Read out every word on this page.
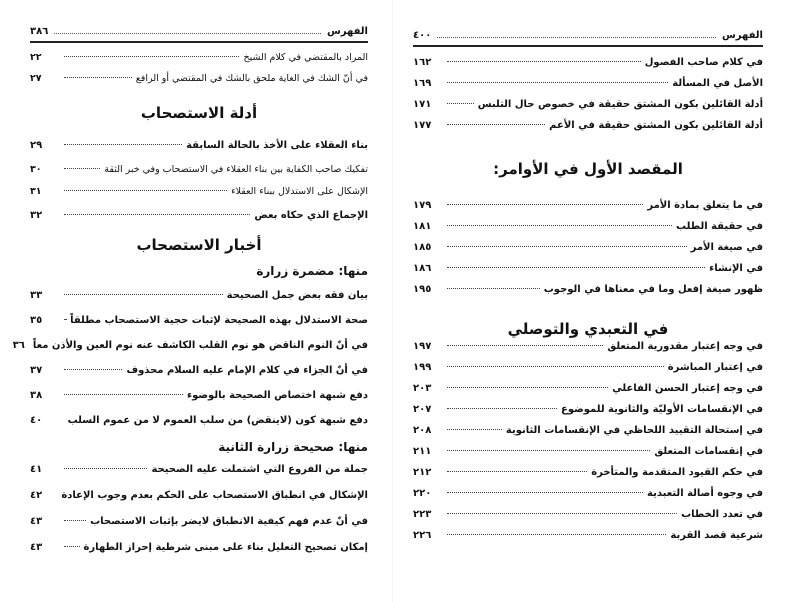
الفهرس
٣٨٦
المراد بالمقتضي في كلام الشيخ
٢٢
في أنّ الشك في الغاية ملحق بالشك في المقتضي أو الرافع
٢٧
أدلة الاستصحاب
بناء العقلاء على الأخذ بالحالة السابقة
٢٩
تفكيك صاحب الكفاية بين بناء العقلاء في الاستصحاب وفي خبر الثقة
٣٠
الإشكال على الاستدلال ببناء العقلاء
٣١
الإجماع الذي حكاه بعض
٣٢
أخبار الاستصحاب
منها: مضمرة زرارة
بيان فقه بعض جمل الصحيحة
٣٣
صحة الاستدلال بهذه الصحيحة لإثبات حجية الاستصحاب مطلقاً
٣٥
في أنّ النوم الناقض هو نوم القلب الكاشف عنه نوم العين والأذن معاً
٣٦
في أنّ الجزاء في كلام الإمام عليه السلام محذوف
٣٧
دفع شبهة اختصاص الصحيحة بالوضوء
٣٨
دفع شبهة كون (لاينقض) من سلب العموم لا من عموم السلب
٤٠
منها: صحيحة زرارة الثانية
جملة من الفروع التي اشتملت عليه الصحيحة
٤١
الإشكال في انطباق الاستصحاب على الحكم بعدم وجوب الإعادة
٤٢
في أنّ عدم فهم كيفية الانطباق لايضر بإثبات الاستصحاب
٤٣
إمكان تصحيح التعليل بناء على مبنى شرطية إحراز الطهارة
٤٣
الفهرس
٤٠٠
في كلام صاحب الفصول
١٦٢
الأصل في المسألة
١٦٩
أدلة القائلين بكون المشتق حقيقة في خصوص حال التلبس
١٧١
أدلة القائلين بكون المشتق حقيقة في الأعم
١٧٧
المقصد الأول في الأوامر:
في ما يتعلق بمادة الأمر
١٧٩
في حقيقة الطلب
١٨١
في صيغة الأمر
١٨٥
في الإنشاء
١٨٦
ظهور صيغة إفعل وما في معناها في الوجوب
١٩٥
في التعبدي والتوصلي
في وجه إعتبار مقدورية المتعلق
١٩٧
في إعتبار المباشرة
١٩٩
في وجه إعتبار الحسن الفاعلي
٢٠٣
في الإنقسامات الأوليّة والثانوية للموضوع
٢٠٧
في إستحالة التقييد اللحاظي في الإنقسامات الثانوية
٢٠٨
في إنقسامات المتعلق
٢١١
في حكم القيود المتقدمة والمتأخرة
٢١٢
في وجوه أصالة التعبدية
٢٢٠
في تعدد الخطاب
٢٢٣
شرعية قصد القربة
٢٢٦
